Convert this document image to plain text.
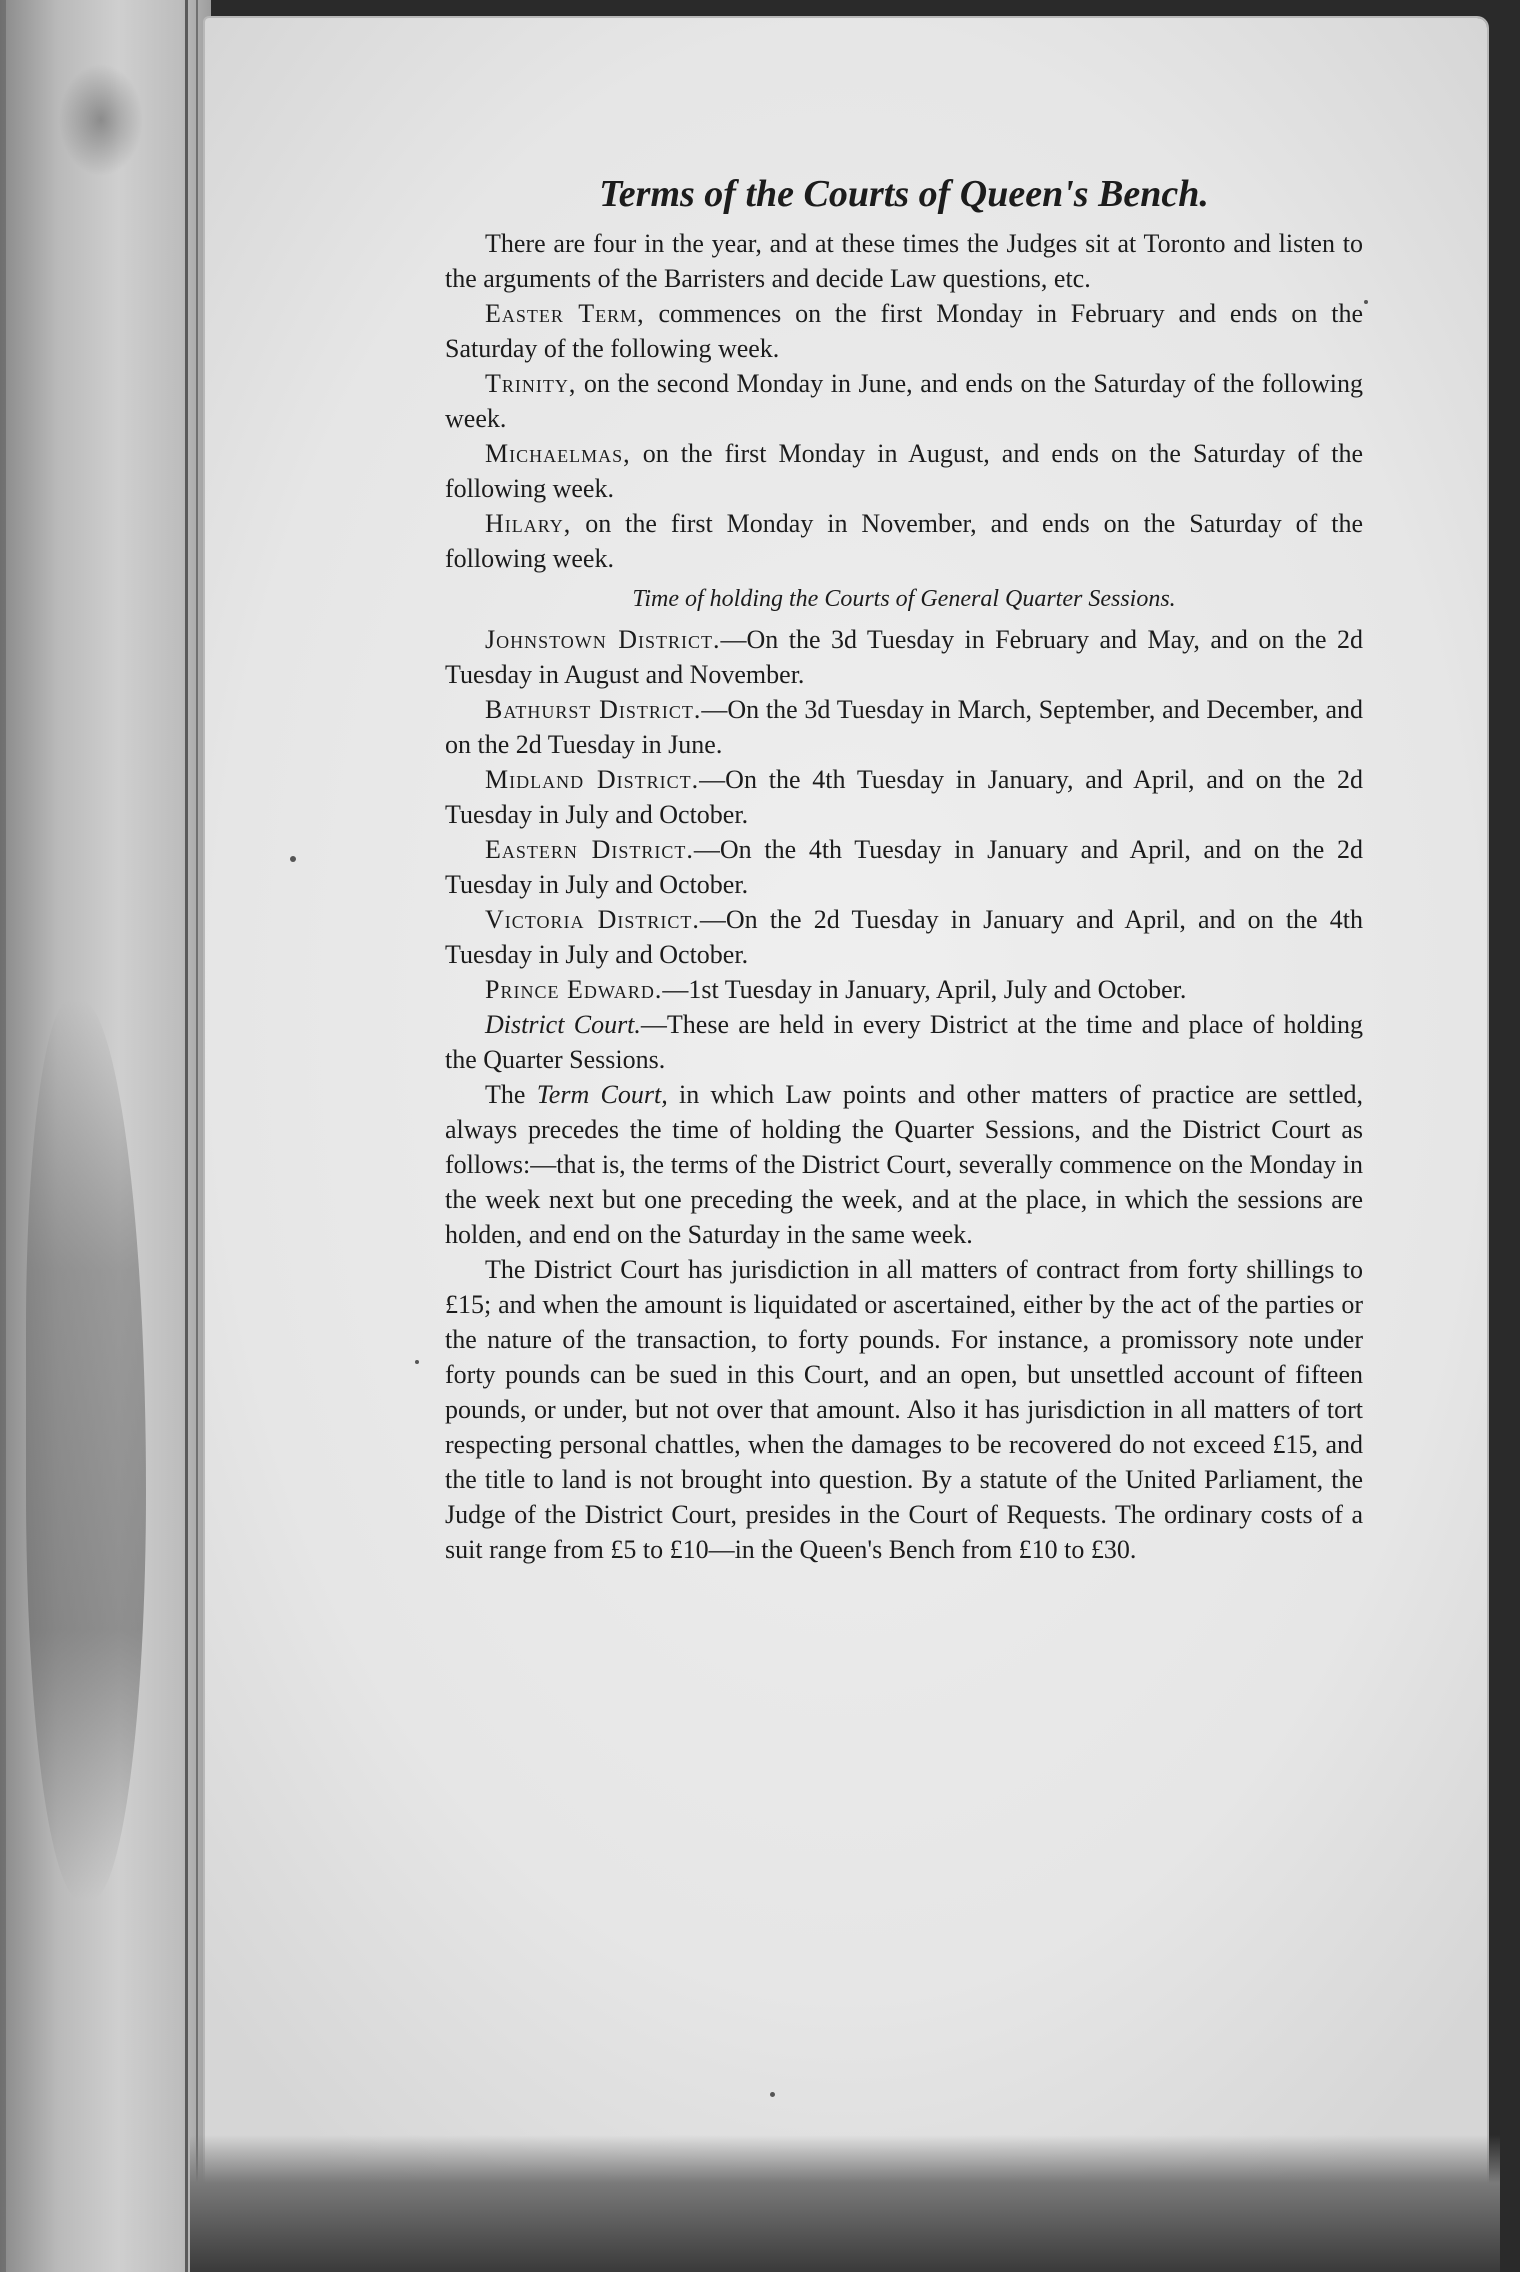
Terms of the Courts of Queen's Bench.

There are four in the year, and at these times the Judges sit at Toronto and listen to the arguments of the Barristers and decide Law questions, etc.

Easter Term, commences on the first Monday in February and ends on the Saturday of the following week.

Trinity, on the second Monday in June, and ends on the Saturday of the following week.

Michaelmas, on the first Monday in August, and ends on the Saturday of the following week.

Hilary, on the first Monday in November, and ends on the Saturday of the following week.

Time of holding the Courts of General Quarter Sessions.

Johnstown District.—On the 3d Tuesday in February and May, and on the 2d Tuesday in August and November.

Bathurst District.—On the 3d Tuesday in March, September, and December, and on the 2d Tuesday in June.

Midland District.—On the 4th Tuesday in January, and April, and on the 2d Tuesday in July and October.

Eastern District.—On the 4th Tuesday in January and April, and on the 2d Tuesday in July and October.

Victoria District.—On the 2d Tuesday in January and April, and on the 4th Tuesday in July and October.

Prince Edward.—1st Tuesday in January, April, July and October.

District Court.—These are held in every District at the time and place of holding the Quarter Sessions.

The Term Court, in which Law points and other matters of practice are settled, always precedes the time of holding the Quarter Sessions, and the District Court as follows:—that is, the terms of the District Court, severally commence on the Monday in the week next but one preceding the week, and at the place, in which the sessions are holden, and end on the Saturday in the same week.

The District Court has jurisdiction in all matters of contract from forty shillings to £15; and when the amount is liquidated or ascertained, either by the act of the parties or the nature of the transaction, to forty pounds. For instance, a promissory note under forty pounds can be sued in this Court, and an open, but unsettled account of fifteen pounds, or under, but not over that amount. Also it has jurisdiction in all matters of tort respecting personal chattles, when the damages to be recovered do not exceed £15, and the title to land is not brought into question. By a statute of the United Parliament, the Judge of the District Court, presides in the Court of Requests. The ordinary costs of a suit range from £5 to £10—in the Queen's Bench from £10 to £30.
